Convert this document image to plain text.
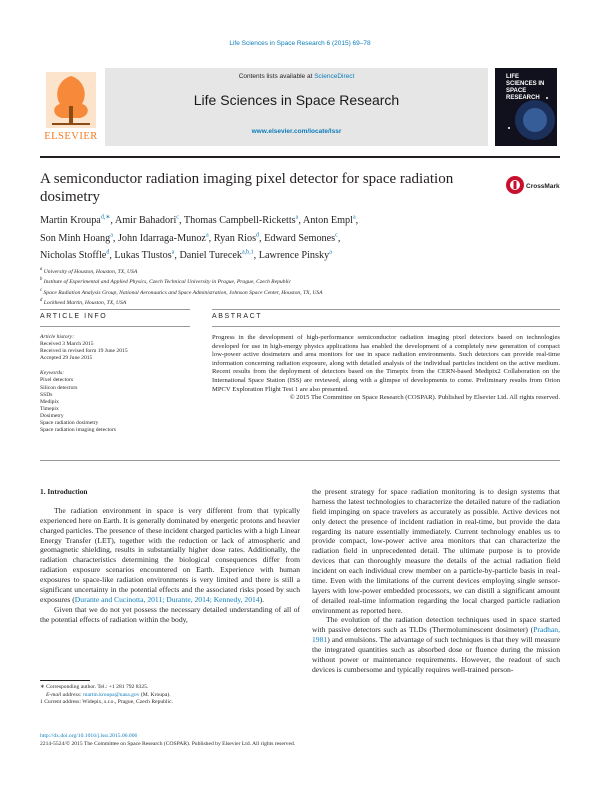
Life Sciences in Space Research 6 (2015) 69–78
ELSEVIER
Contents lists available at ScienceDirect
Life Sciences in Space Research
www.elsevier.com/locate/lssr
LIFE SCIENCES IN SPACE RESEARCH
A semiconductor radiation imaging pixel detector for space radiation dosimetry
CrossMark
Martin Kroupa$^{d,∗}$, Amir Bahadori$^c$, Thomas Campbell-Ricketts$^a$, Anton Empl$^a$,
Son Minh Hoang$^a$, John Idarraga-Munoz$^a$, Ryan Rios$^d$, Edward Semones$^c$,
Nicholas Stoffle$^d$, Lukas Tlustos$^a$, Daniel Turecek$^{a,b,1}$, Lawrence Pinsky$^a$
$^a$ University of Houston, Houston, TX, USA
$^b$ Institute of Experimental and Applied Physics, Czech Technical University in Prague, Prague, Czech Republic
$^c$ Space Radiation Analysis Group, National Aeronautics and Space Administration, Johnson Space Center, Houston, TX, USA
$^d$ Lockheed Martin, Houston, TX, USA
ARTICLE INFO	ABSTRACT
Article history:
Received 3 March 2015
Received in revised form 19 June 2015
Accepted 29 June 2015
Keywords:
Pixel detectors
Silicon detectors
SSDs
Medipix
Timepix
Dosimetry
Space radiation dosimetry
Space radiation imaging detectors
Progress in the development of high-performance semiconductor radiation imaging pixel detectors based on technologies developed for use in high-energy physics applications has enabled the development of a completely new generation of compact low-power active dosimeters and area monitors for use in space radiation environments. Such detectors can provide real-time information concerning radiation exposure, along with detailed analysis of the individual particles incident on the active medium. Recent results from the deployment of detectors based on the Timepix from the CERN-based Medipix2 Collaboration on the International Space Station (ISS) are reviewed, along with a glimpse of developments to come. Preliminary results from Orion MPCV Exploration Flight Test 1 are also presented.
© 2015 The Committee on Space Research (COSPAR). Published by Elsevier Ltd. All rights reserved.
1. Introduction
The radiation environment in space is very different from that typically experienced here on Earth. It is generally dominated by energetic protons and heavier charged particles. The presence of these incident charged particles with a high Linear Energy Transfer (LET), together with the reduction or lack of atmospheric and geomagnetic shielding, results in substantially higher dose rates. Additionally, the radiation characteristics determining the biological consequences differ from radiation exposure scenarios encountered on Earth. Experience with human exposures to space-like radiation environments is very limited and there is still a significant uncertainty in the potential effects and the associated risks posed by such exposures (Durante and Cucinotta, 2011; Durante, 2014; Kennedy, 2014).
Given that we do not yet possess the necessary detailed understanding of all of the potential effects of radiation within the body,
the present strategy for space radiation monitoring is to design systems that harness the latest technologies to characterize the detailed nature of the radiation field impinging on space travelers as accurately as possible. Active devices not only detect the presence of incident radiation in real-time, but provide the data regarding its nature essentially immediately. Current technology enables us to provide compact, low-power active area monitors that can characterize the radiation field in unprecedented detail. The ultimate purpose is to provide devices that can thoroughly measure the details of the actual radiation field incident on each individual crew member on a particle-by-particle basis in real-time. Even with the limitations of the current devices employing single sensor-layers with low-power embedded processors, we can distill a significant amount of detailed real-time information regarding the local charged particle radiation environment as reported here.
The evolution of the radiation detection techniques used in space started with passive detectors such as TLDs (Thermoluminescent dosimeter) (Pradhan, 1981) and emulsions. The advantage of such techniques is that they will measure the integrated quantities such as absorbed dose or fluence during the mission without power or maintenance requirements. However, the readout of such devices is cumbersome and typically requires well-trained person-
∗ Corresponding author. Tel.: +1 281 792 8325.
E-mail address: martin.kroupa@nasa.gov (M. Kroupa).
1 Current address: Widepix, s.r.o., Prague, Czech Republic.
http://dx.doi.org/10.1016/j.lssr.2015.06.006
2214-5524/© 2015 The Committee on Space Research (COSPAR). Published by Elsevier Ltd. All rights reserved.
